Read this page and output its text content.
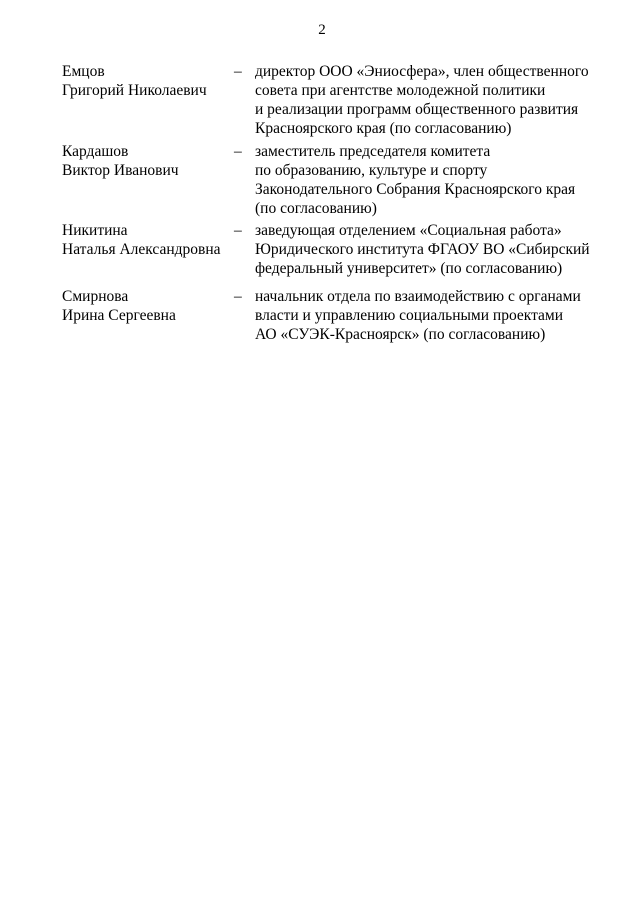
2
Емцов
Григорий Николаевич
– директор ООО «Эниосфера», член общественного
совета при агентстве молодежной политики
и реализации программ общественного развития
Красноярского края (по согласованию)
Кардашов
Виктор Иванович
– заместитель председателя комитета
по образованию, культуре и спорту
Законодательного Собрания Красноярского края
(по согласованию)
Никитина
Наталья Александровна
– заведующая отделением «Социальная работа»
Юридического института ФГАОУ ВО «Сибирский
федеральный университет» (по согласованию)
Смирнова
Ирина Сергеевна
– начальник отдела по взаимодействию с органами
власти и управлению социальными проектами
АО «СУЭК-Красноярск» (по согласованию)
